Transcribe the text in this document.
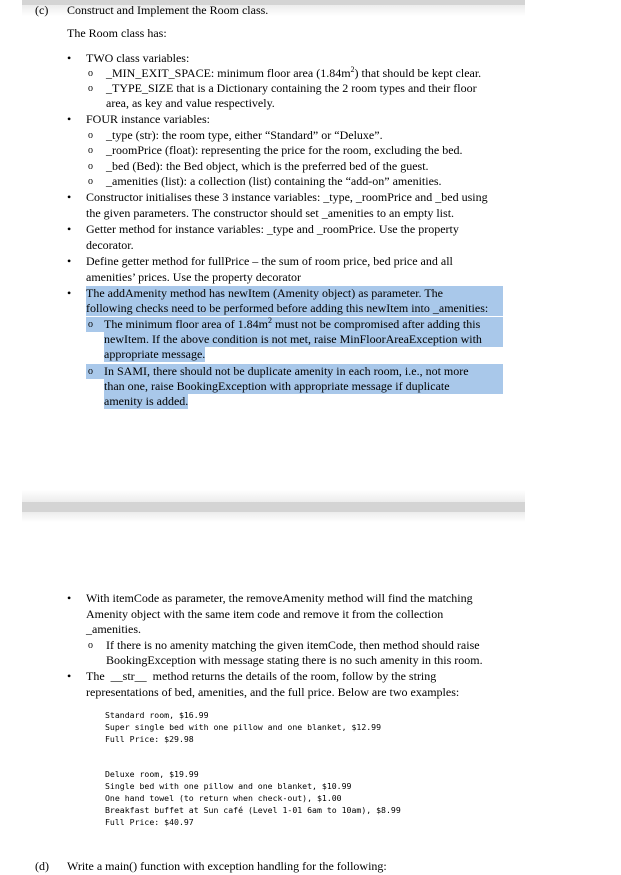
(c) Construct and Implement the Room class.
The Room class has:
• TWO class variables:
o _MIN_EXIT_SPACE: minimum floor area $(1.84m^2)$ that should be kept clear.
o _TYPE_SIZE that is a Dictionary containing the 2 room types and their floor
area, as key and value respectively.
• FOUR instance variables:
o _type (str): the room type, either “Standard” or “Deluxe”.
o _roomPrice (float): representing the price for the room, excluding the bed.
o _bed (Bed): the Bed object, which is the preferred bed of the guest.
o _amenities (list): a collection (list) containing the “add-on” amenities.
• Constructor initialises these 3 instance variables: _type, _roomPrice and _bed using
the given parameters. The constructor should set _amenities to an empty list.
• Getter method for instance variables: _type and _roomPrice. Use the property
decorator.
• Define getter method for fullPrice – the sum of room price, bed price and all
amenities’ prices. Use the property decorator
• The addAmenity method has newItem (Amenity object) as parameter. The
following checks need to be performed before adding this newItem into _amenities:
o The minimum floor area of $1.84m^2$ must not be compromised after adding this
newItem. If the above condition is not met, raise MinFloorAreaException with
appropriate message.
o In SAMI, there should not be duplicate amenity in each room, i.e., not more
than one, raise BookingException with appropriate message if duplicate
amenity is added.
• With itemCode as parameter, the removeAmenity method will find the matching
Amenity object with the same item code and remove it from the collection
_amenities.
o If there is no amenity matching the given itemCode, then method should raise
BookingException with message stating there is no such amenity in this room.
• The  __str__  method returns the details of the room, follow by the string
representations of bed, amenities, and the full price. Below are two examples:
Standard room, $16.99
Super single bed with one pillow and one blanket, $12.99
Full Price: $29.98
Deluxe room, $19.99
Single bed with one pillow and one blanket, $10.99
One hand towel (to return when check-out), $1.00
Breakfast buffet at Sun café (Level 1-01 6am to 10am), $8.99
Full Price: $40.97
(d) Write a main() function with exception handling for the following:
